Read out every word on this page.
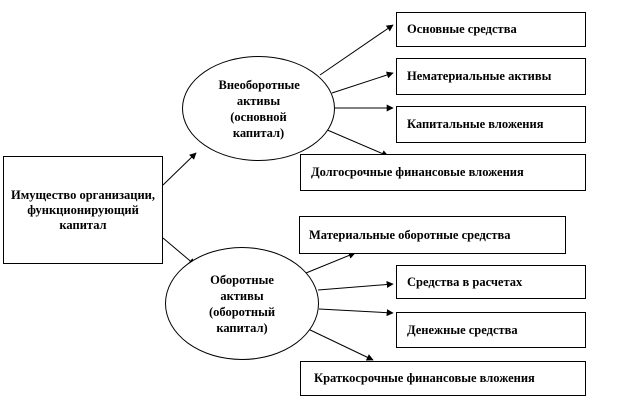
Имущество организации, функционирующий капитал
Внеоборотные активы (основной капитал)
Оборотные активы (оборотный капитал)
Основные средства
Нематериальные активы
Капитальные вложения
Долгосрочные финансовые вложения
Материальные оборотные средства
Средства в расчетах
Денежные средства
Краткосрочные финансовые вложения
